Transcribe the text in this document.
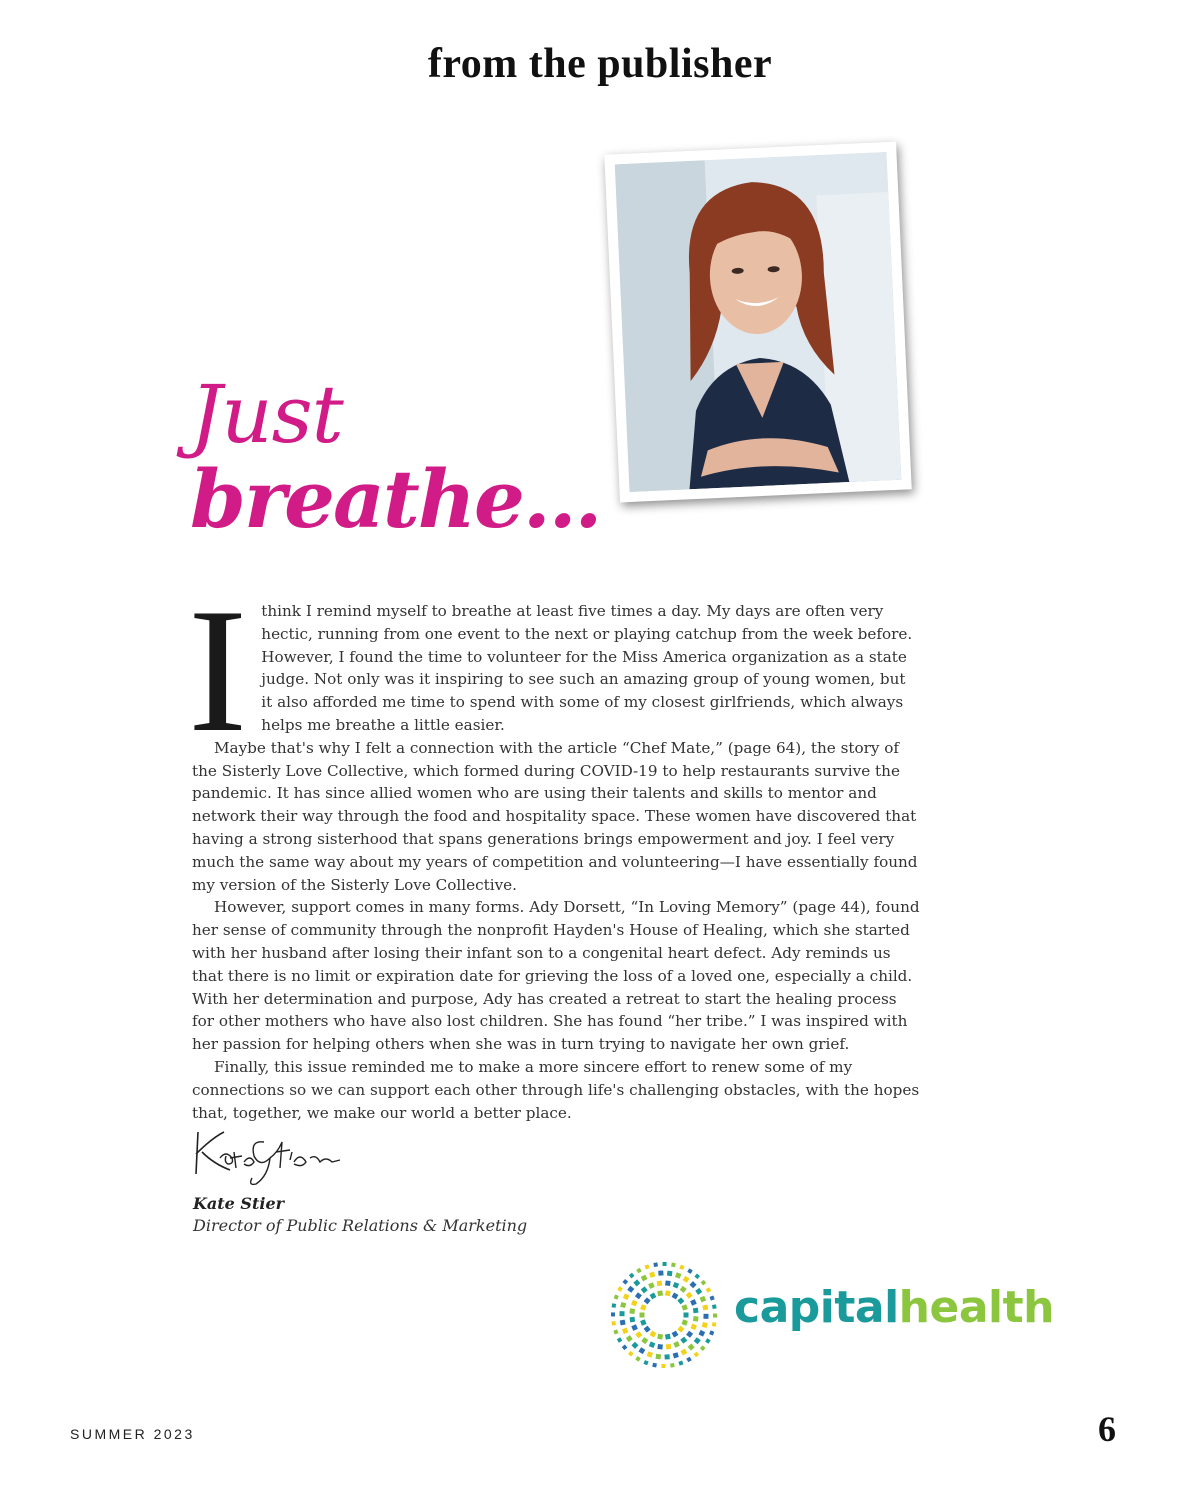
from the publisher
Just
breathe...
I think I remind myself to breathe at least five times a day. My days are often very hectic, running from one event to the next or playing catchup from the week before. However, I found the time to volunteer for the Miss America organization as a state judge. Not only was it inspiring to see such an amazing group of young women, but it also afforded me time to spend with some of my closest girlfriends, which always helps me breathe a little easier.

Maybe that's why I felt a connection with the article “Chef Mate,” (page 64), the story of the Sisterly Love Collective, which formed during COVID-19 to help restaurants survive the pandemic. It has since allied women who are using their talents and skills to mentor and network their way through the food and hospitality space. These women have discovered that having a strong sisterhood that spans generations brings empowerment and joy. I feel very much the same way about my years of competition and volunteering—I have essentially found my version of the Sisterly Love Collective.

However, support comes in many forms. Ady Dorsett, “In Loving Memory” (page 44), found her sense of community through the nonprofit Hayden's House of Healing, which she started with her husband after losing their infant son to a congenital heart defect. Ady reminds us that there is no limit or expiration date for grieving the loss of a loved one, especially a child. With her determination and purpose, Ady has created a retreat to start the healing process for other mothers who have also lost children. She has found “her tribe.” I was inspired with her passion for helping others when she was in turn trying to navigate her own grief.

Finally, this issue reminded me to make a more sincere effort to renew some of my connections so we can support each other through life's challenging obstacles, with the hopes that, together, we make our world a better place.

Kate Stier
Director of Public Relations & Marketing
capitalhealth
SUMMER 2023	6
